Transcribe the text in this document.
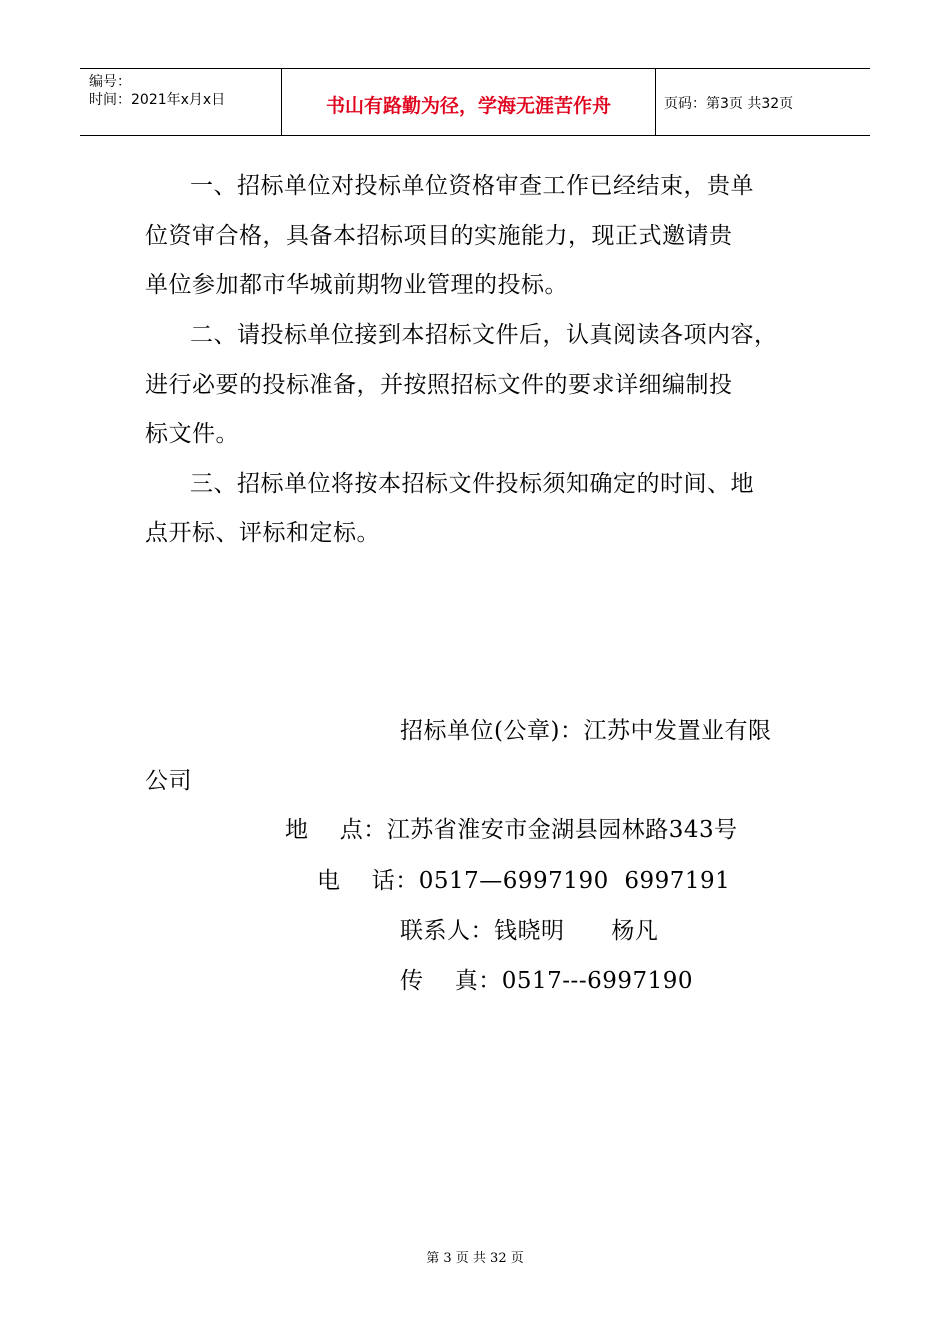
编号：
时间：2021年x月x日	书山有路勤为径，学海无涯苦作舟	页码：第3页 共32页
一、招标单位对投标单位资格审查工作已经结束，贵单
位资审合格，具备本招标项目的实施能力，现正式邀请贵
单位参加都市华城前期物业管理的投标。
二、请投标单位接到本招标文件后，认真阅读各项内容，
进行必要的投标准备，并按照招标文件的要求详细编制投
标文件。
三、招标单位将按本招标文件投标须知确定的时间、地
点开标、评标和定标。
招标单位(公章)：江苏中发置业有限
公司
地    点：江苏省淮安市金湖县园林路343号
电    话：0517—6997190  6997191
联系人：钱晓明      杨凡
传    真：0517---6997190
第 3 页 共 32 页
